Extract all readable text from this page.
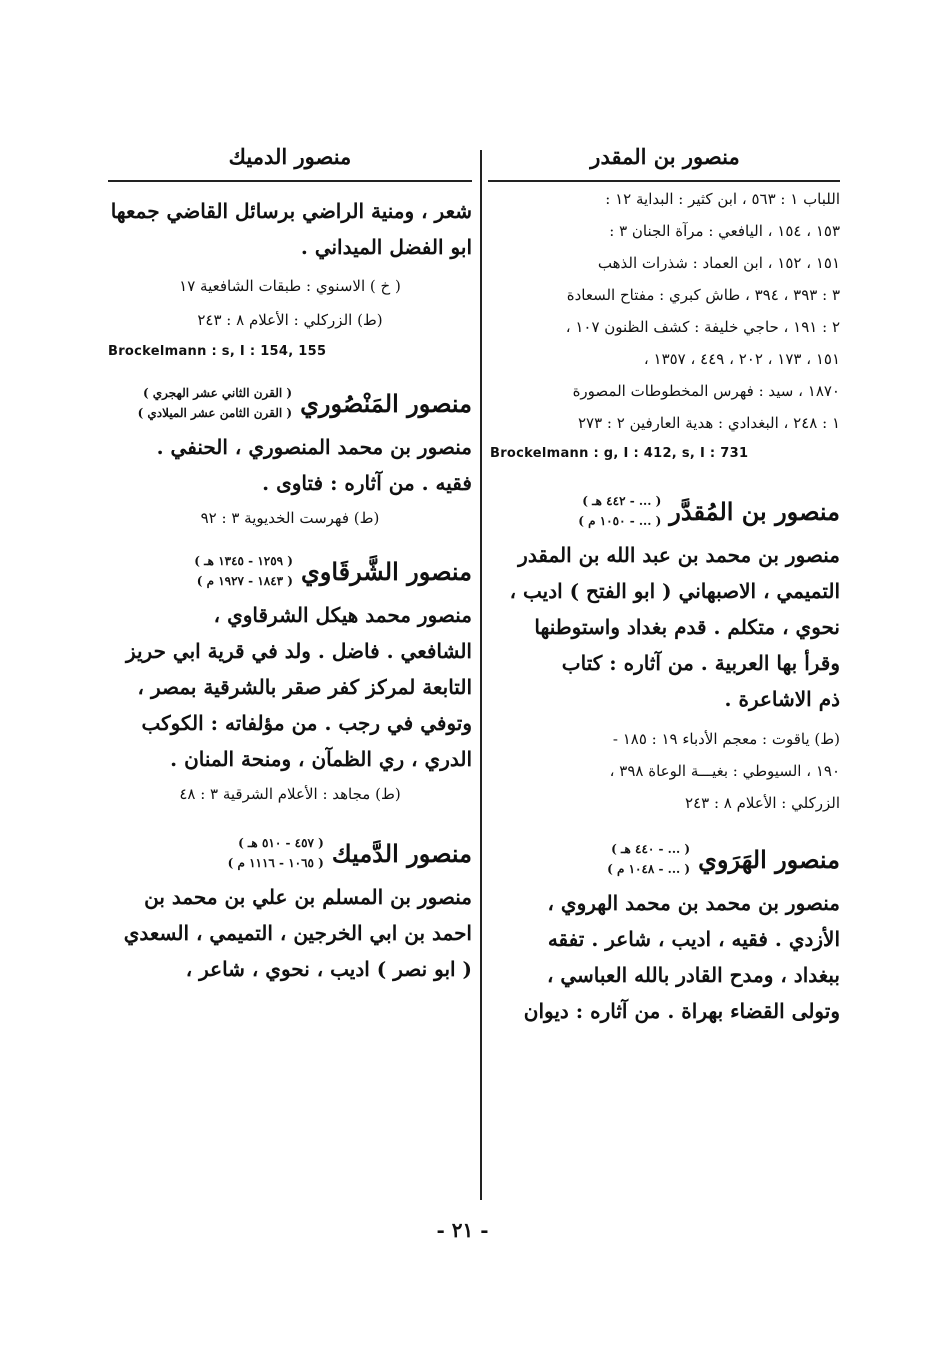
منصور بن المقدر
اللباب ١ : ٥٦٣ ، ابن كثير : البداية ١٢ :
١٥٣ ، ١٥٤ ، اليافعي : مرآة الجنان ٣ :
١٥١ ، ١٥٢ ، ابن العماد : شذرات الذهب
٣ : ٣٩٣ ، ٣٩٤ ، طاش كبري : مفتاح السعادة
٢ : ١٩١ ، حاجي خليفة : كشف الظنون ١٠٧ ،
١٥١ ، ١٧٣ ، ٢٠٢ ، ٤٤٩ ، ١٣٥٧ ،
١٨٧٠ ، سيد : فهرس المخطوطات المصورة
١ : ٢٤٨ ، البغدادي : هدية العارفين ٢ : ٢٧٣
Brockelmann : g, I : 412, s, I : 731
منصور بن المُقدَّر
( ... - ٤٤٢ هـ )
( ... - ١٠٥٠ م )
منصور بن محمد بن عبد الله بن المقدر
التميمي ، الاصبهاني ( ابو الفتح ) اديب ،
نحوي ، متكلم . قدم بغداد واستوطنها
وقرأ بها العربية . من آثاره : كتاب
ذم الاشاعرة .
(ط) ياقوت : معجم الأدباء ١٩ : ١٨٥ -
١٩٠ ، السيوطي : بغيـــة الوعاة ٣٩٨ ،
الزركلي : الأعلام ٨ : ٢٤٣
منصور الهَرَوي
( ... - ٤٤٠ هـ )
( ... - ١٠٤٨ م )
منصور بن محمد بن محمد الهروي ،
الأزدي . فقيه ، اديب ، شاعر . تفقه
ببغداد ، ومدح القادر بالله العباسي ،
وتولى القضاء بهراة . من آثاره : ديوان
منصور الدميك
شعر ، ومنية الراضي برسائل القاضي جمعها
ابو الفضل الميداني .
( خ ) الاسنوي : طبقات الشافعية ١٧
(ط) الزركلي : الأعلام ٨ : ٢٤٣
Brockelmann : s, I : 154, 155
منصور المَنْصُوري
( القرن الثاني عشر الهجري )
( القرن الثامن عشر الميلادي )
منصور بن محمد المنصوري ، الحنفي .
فقيه . من آثاره : فتاوى .
(ط) فهرست الخديوية ٣ : ٩٢
منصور الشَّرقَاوي
( ١٢٥٩ - ١٣٤٥ هـ )
( ١٨٤٣ - ١٩٢٧ م )
منصور محمد هيكل الشرقاوي ،
الشافعي . فاضل . ولد في قرية ابي حريز
التابعة لمركز كفر صقر بالشرقية بمصر ،
وتوفي في رجب . من مؤلفاته : الكوكب
الدري ، ري الظمآن ، ومنحة المنان .
(ط) مجاهد : الأعلام الشرقية ٣ : ٤٨
منصور الدَّميك
( ٤٥٧ - ٥١٠ هـ )
( ١٠٦٥ - ١١١٦ م )
منصور بن المسلم بن علي بن محمد بن
احمد بن ابي الخرجين ، التميمي ، السعدي
( ابو نصر ) اديب ، نحوي ، شاعر ،
- ٢١ -
